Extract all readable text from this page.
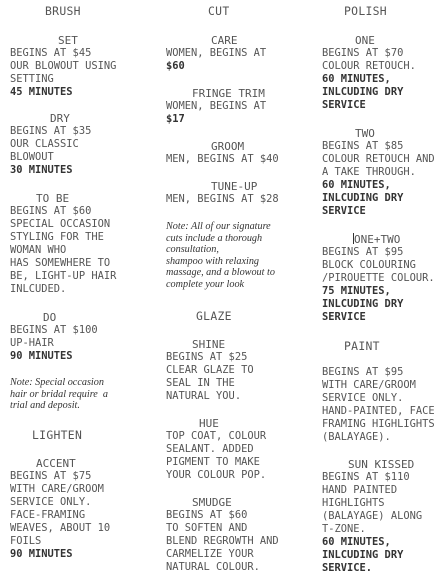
BRUSH
SET
BEGINS AT $45
OUR BLOWOUT USING
SETTING
45 MINUTES
DRY
BEGINS AT $35
OUR CLASSIC
BLOWOUT
30 MINUTES
TO BE
BEGINS AT $60
SPECIAL OCCASION
STYLING FOR THE
WOMAN WHO
HAS SOMEWHERE TO
BE, LIGHT-UP HAIR
INLCUDED.
DO
BEGINS AT $100
UP-HAIR
90 MINUTES
Note: Special occasion
hair or bridal require  a
trial and deposit.
LIGHTEN
ACCENT
BEGINS AT $75
WITH CARE/GROOM
SERVICE ONLY.
FACE-FRAMING
WEAVES, ABOUT 10
FOILS
90 MINUTES
CUT
CARE
WOMEN, BEGINS AT
$60
FRINGE TRIM
WOMEN, BEGINS AT
$17
GROOM
MEN, BEGINS AT $40
TUNE-UP
MEN, BEGINS AT $28
Note: All of our signature
cuts include a thorough
consultation,
shampoo with relaxing
massage, and a blowout to
complete your look
GLAZE
SHINE
BEGINS AT $25
CLEAR GLAZE TO
SEAL IN THE
NATURAL YOU.
HUE
TOP COAT, COLOUR
SEALANT. ADDED
PIGMENT TO MAKE
YOUR COLOUR POP.
SMUDGE
BEGINS AT $60
TO SOFTEN AND
BLEND REGROWTH AND
CARMELIZE YOUR
NATURAL COLOUR.
POLISH
ONE
BEGINS AT $70
COLOUR RETOUCH.
60 MINUTES,
INLCUDING DRY
SERVICE
TWO
BEGINS AT $85
COLOUR RETOUCH AND
A TAKE THROUGH.
60 MINUTES,
INLCUDING DRY
SERVICE
ONE+TWO
BEGINS AT $95
BLOCK COLOURING
/PIROUETTE COLOUR.
75 MINUTES,
INLCUDING DRY
SERVICE
PAINT
BEGINS AT $95
WITH CARE/GROOM
SERVICE ONLY.
HAND-PAINTED, FACE
FRAMING HIGHLIGHTS
(BALAYAGE).
SUN KISSED
BEGINS AT $110
HAND PAINTED
HIGHLIGHTS
(BALAYAGE) ALONG
T-ZONE.
60 MINUTES,
INLCUDING DRY
SERVICE.
